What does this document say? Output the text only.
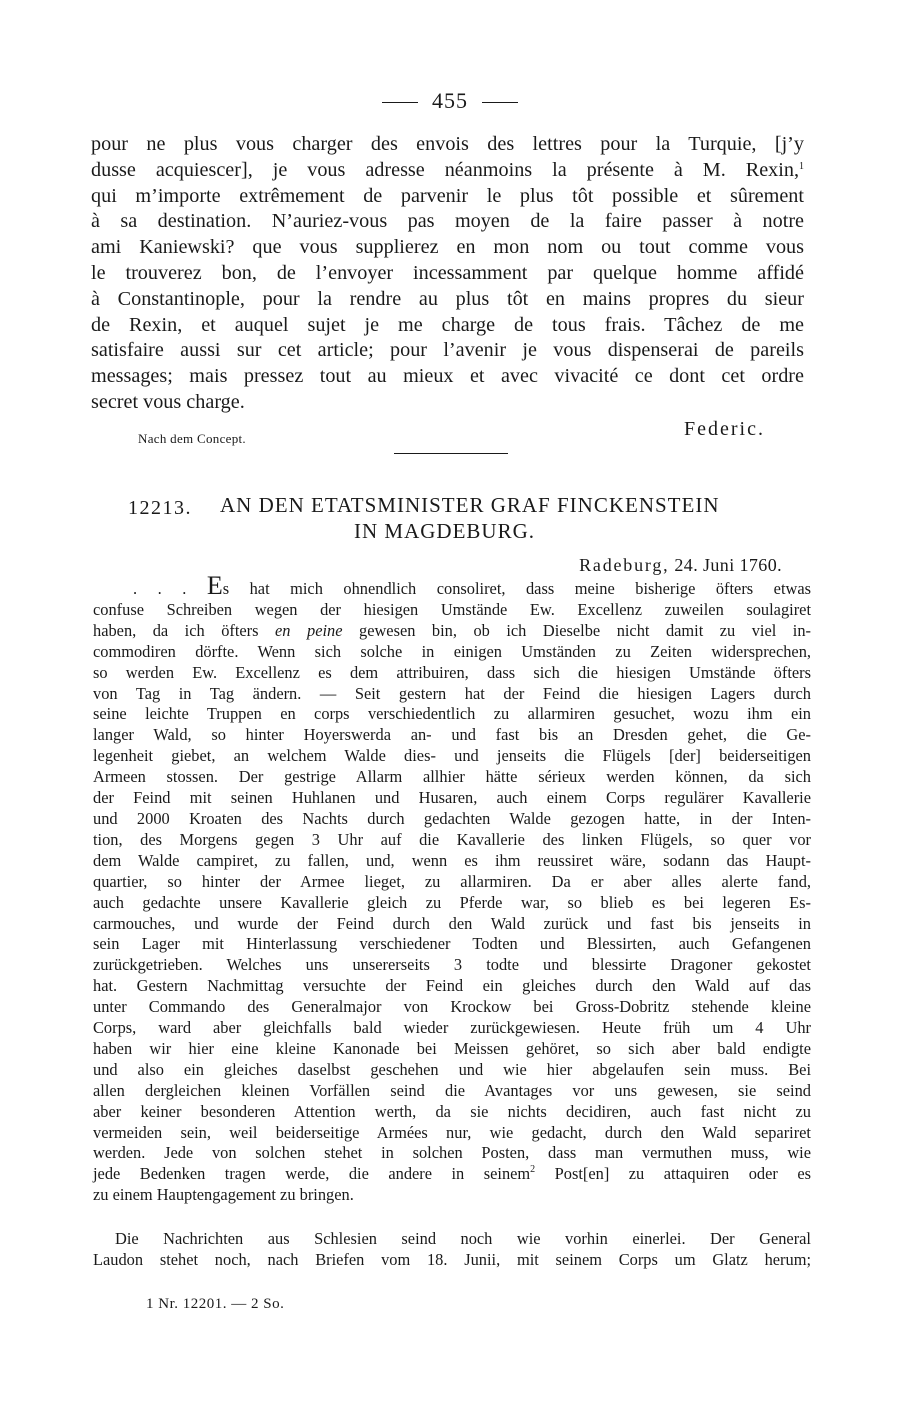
455
pour ne plus vous charger des envois des lettres pour la Turquie, [j’y
dusse acquiescer], je vous adresse néanmoins la présente à M. Rexin,$^1$
qui m’importe extrêmement de parvenir le plus tôt possible et sûrement
à sa destination. N’auriez-vous pas moyen de la faire passer à notre
ami Kaniewski? que vous supplierez en mon nom ou tout comme vous
le trouverez bon, de l’envoyer incessamment par quelque homme affidé
à Constantinople, pour la rendre au plus tôt en mains propres du sieur
de Rexin, et auquel sujet je me charge de tous frais. Tâchez de me
satisfaire aussi sur cet article; pour l’avenir je vous dispenserai de pareils
messages; mais pressez tout au mieux et avec vivacité ce dont cet ordre
secret vous charge.
Nach dem Concept.	Federic.
12213. AN DEN ETATSMINISTER GRAF FINCKENSTEIN
IN MAGDEBURG.
Radeburg, 24. Juni 1760.
. . . Es hat mich ohnendlich consoliret, dass meine bisherige öfters etwas
confuse Schreiben wegen der hiesigen Umstände Ew. Excellenz zuweilen soulagiret
haben, da ich öfters en peine gewesen bin, ob ich Dieselbe nicht damit zu viel in-
commodiren dörfte. Wenn sich solche in einigen Umständen zu Zeiten widersprechen,
so werden Ew. Excellenz es dem attribuiren, dass sich die hiesigen Umstände öfters
von Tag in Tag ändern. — Seit gestern hat der Feind die hiesigen Lagers durch
seine leichte Truppen en corps verschiedentlich zu allarmiren gesuchet, wozu ihm ein
langer Wald, so hinter Hoyerswerda an- und fast bis an Dresden gehet, die Ge-
legenheit giebet, an welchem Walde dies- und jenseits die Flügels [der] beiderseitigen
Armeen stossen. Der gestrige Allarm allhier hätte sérieux werden können, da sich
der Feind mit seinen Huhlanen und Husaren, auch einem Corps regulärer Kavallerie
und 2000 Kroaten des Nachts durch gedachten Walde gezogen hatte, in der Inten-
tion, des Morgens gegen 3 Uhr auf die Kavallerie des linken Flügels, so quer vor
dem Walde campiret, zu fallen, und, wenn es ihm reussiret wäre, sodann das Haupt-
quartier, so hinter der Armee lieget, zu allarmiren. Da er aber alles alerte fand,
auch gedachte unsere Kavallerie gleich zu Pferde war, so blieb es bei legeren Es-
carmouches, und wurde der Feind durch den Wald zurück und fast bis jenseits in
sein Lager mit Hinterlassung verschiedener Todten und Blessirten, auch Gefangenen
zurückgetrieben. Welches uns unsererseits 3 todte und blessirte Dragoner gekostet
hat. Gestern Nachmittag versuchte der Feind ein gleiches durch den Wald auf das
unter Commando des Generalmajor von Krockow bei Gross-Dobritz stehende kleine
Corps, ward aber gleichfalls bald wieder zurückgewiesen. Heute früh um 4 Uhr
haben wir hier eine kleine Kanonade bei Meissen gehöret, so sich aber bald endigte
und also ein gleiches daselbst geschehen und wie hier abgelaufen sein muss. Bei
allen dergleichen kleinen Vorfällen seind die Avantages vor uns gewesen, sie seind
aber keiner besonderen Attention werth, da sie nichts decidiren, auch fast nicht zu
vermeiden sein, weil beiderseitige Armées nur, wie gedacht, durch den Wald separiret
werden. Jede von solchen stehet in solchen Posten, dass man vermuthen muss, wie
jede Bedenken tragen werde, die andere in seinem$^2$ Post[en] zu attaquiren oder es
zu einem Hauptengagement zu bringen.
Die Nachrichten aus Schlesien seind noch wie vorhin einerlei. Der General
Laudon stehet noch, nach Briefen vom 18. Junii, mit seinem Corps um Glatz herum;
1 Nr. 12201. — 2 So.
